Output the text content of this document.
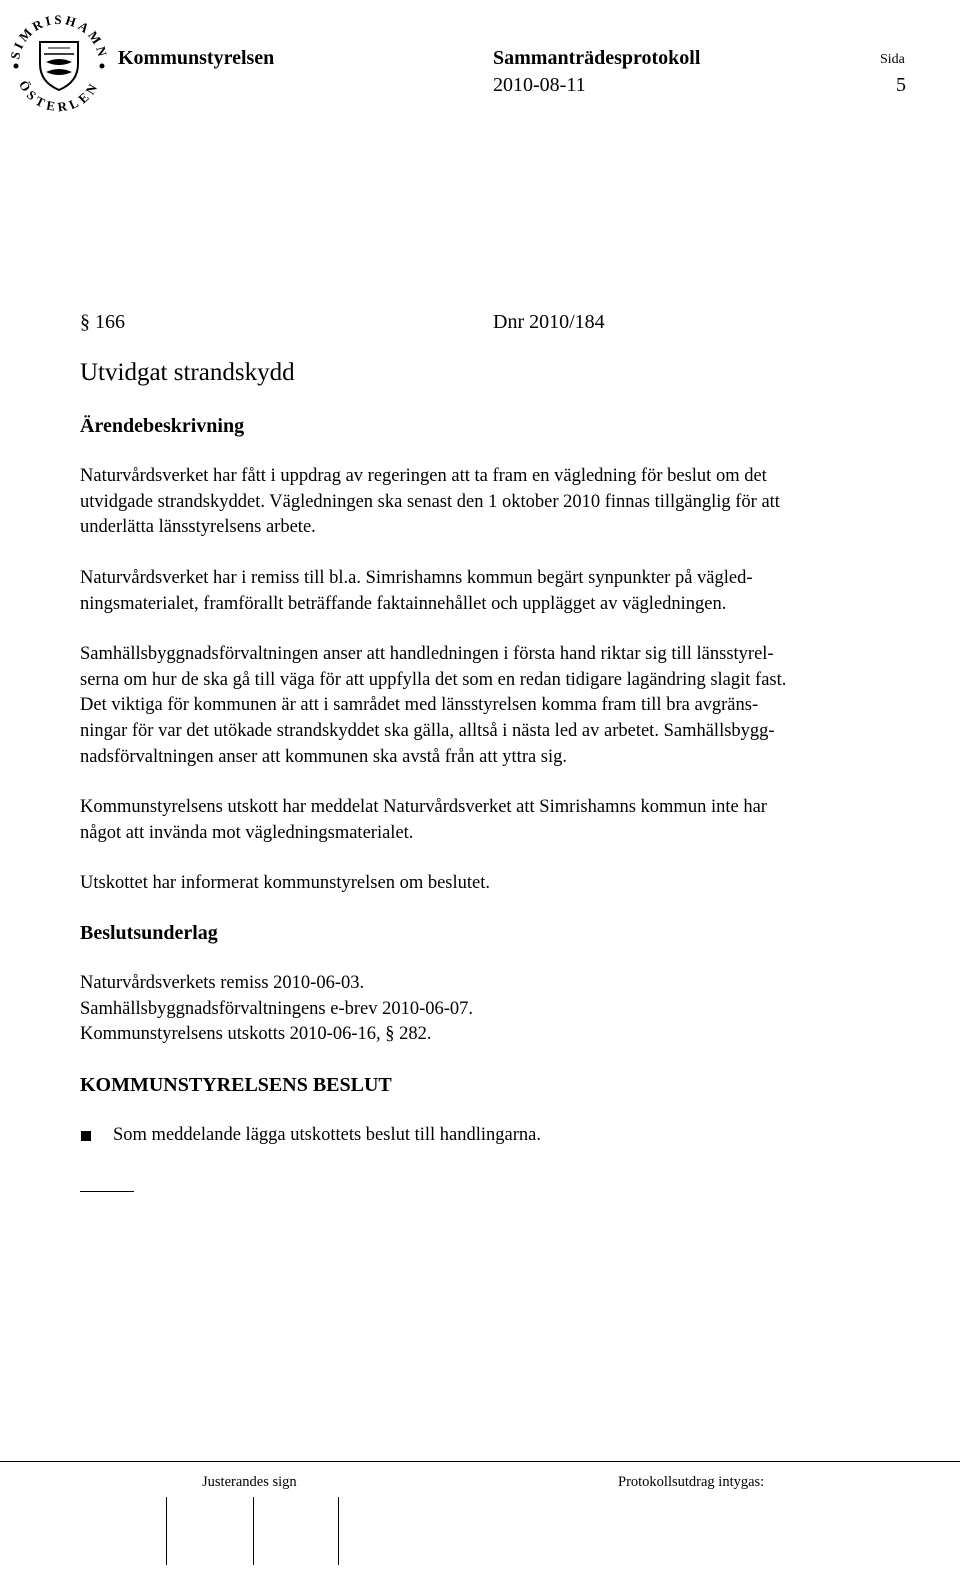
SIMRISHAMN
ÖSTERLEN
Kommunstyrelsen	Sammanträdesprotokoll	Sida
2010-08-11	5
§ 166	Dnr 2010/184
Utvidgat strandskydd
Ärendebeskrivning
Naturvårdsverket har fått i uppdrag av regeringen att ta fram en vägledning för beslut om det
utvidgade strandskyddet. Vägledningen ska senast den 1 oktober 2010 finnas tillgänglig för att
underlätta länsstyrelsens arbete.
Naturvårdsverket har i remiss till bl.a. Simrishamns kommun begärt synpunkter på vägled-
ningsmaterialet, framförallt beträffande faktainnehållet och upplägget av vägledningen.
Samhällsbyggnadsförvaltningen anser att handledningen i första hand riktar sig till länsstyrel-
serna om hur de ska gå till väga för att uppfylla det som en redan tidigare lagändring slagit fast.
Det viktiga för kommunen är att i samrådet med länsstyrelsen komma fram till bra avgräns-
ningar för var det utökade strandskyddet ska gälla, alltså i nästa led av arbetet. Samhällsbygg-
nadsförvaltningen anser att kommunen ska avstå från att yttra sig.
Kommunstyrelsens utskott har meddelat Naturvårdsverket att Simrishamns kommun inte har
något att invända mot vägledningsmaterialet.
Utskottet har informerat kommunstyrelsen om beslutet.
Beslutsunderlag
Naturvårdsverkets remiss 2010-06-03.
Samhällsbyggnadsförvaltningens e-brev 2010-06-07.
Kommunstyrelsens utskotts 2010-06-16, § 282.
KOMMUNSTYRELSENS BESLUT
Som meddelande lägga utskottets beslut till handlingarna.
Justerandes sign	Protokollsutdrag intygas:
